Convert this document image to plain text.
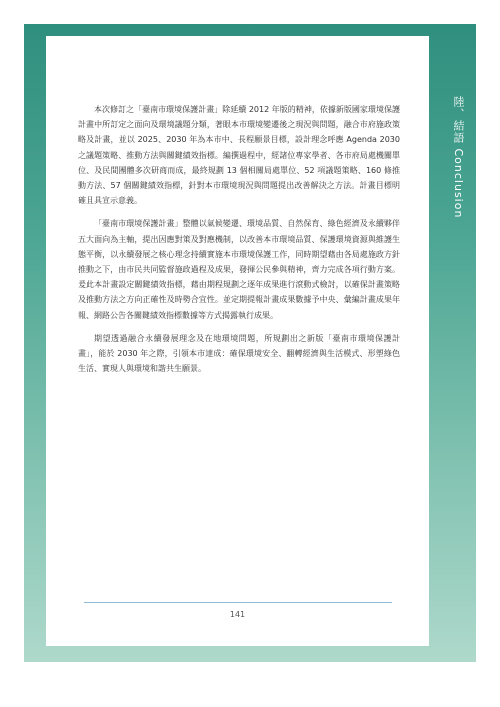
本次修訂之「臺南市環境保護計畫」除延續 2012 年版的精神，依據新版國家環境保護計畫中所訂定之面向及環境議題分類，著眼本市環境變遷後之現況與問題，融合市府施政策略及計畫，並以 2025、2030 年為本市中、長程願景目標，設計理念呼應 Agenda 2030 之議題策略、推動方法與關鍵績效指標。編撰過程中，經諸位專家學者、各市府局處機關單位、及民間團體多次研商而成，最終規劃 13 個相關局處單位、52 項議題策略、160 條推動方法、57 個關鍵績效指標，針對本市環境現況與問題提出改善解決之方法。計畫目標明確且具宣示意義。

「臺南市環境保護計畫」整體以氣候變遷、環境品質、自然保育、綠色經濟及永續夥伴五大面向為主軸，提出因應對策及對應機制，以改善本市環境品質、保護環境資源與維護生態平衡，以永續發展之核心理念持續實施本市環境保護工作，同時期望藉由各局處施政方針推動之下，由市民共同監督施政過程及成果，發揮公民參與精神，齊力完成各項行動方案。爰此本計畫設定關鍵績效指標，藉由期程規劃之逐年成果進行滾動式檢討，以確保計畫策略及推動方法之方向正確性及時勢合宜性。並定期提報計畫成果數據予中央、彙編計畫成果年報、網路公告各關鍵績效指標數據等方式揭露執行成果。

期望透過融合永續發展理念及在地環境問題，所規劃出之新版「臺南市環境保護計畫」，能於 2030 年之際，引領本市達成：確保環境安全、翻轉經濟與生活模式、形塑綠色生活、實現人與環境和諧共生願景。

141
陸、結語 Conclusion
